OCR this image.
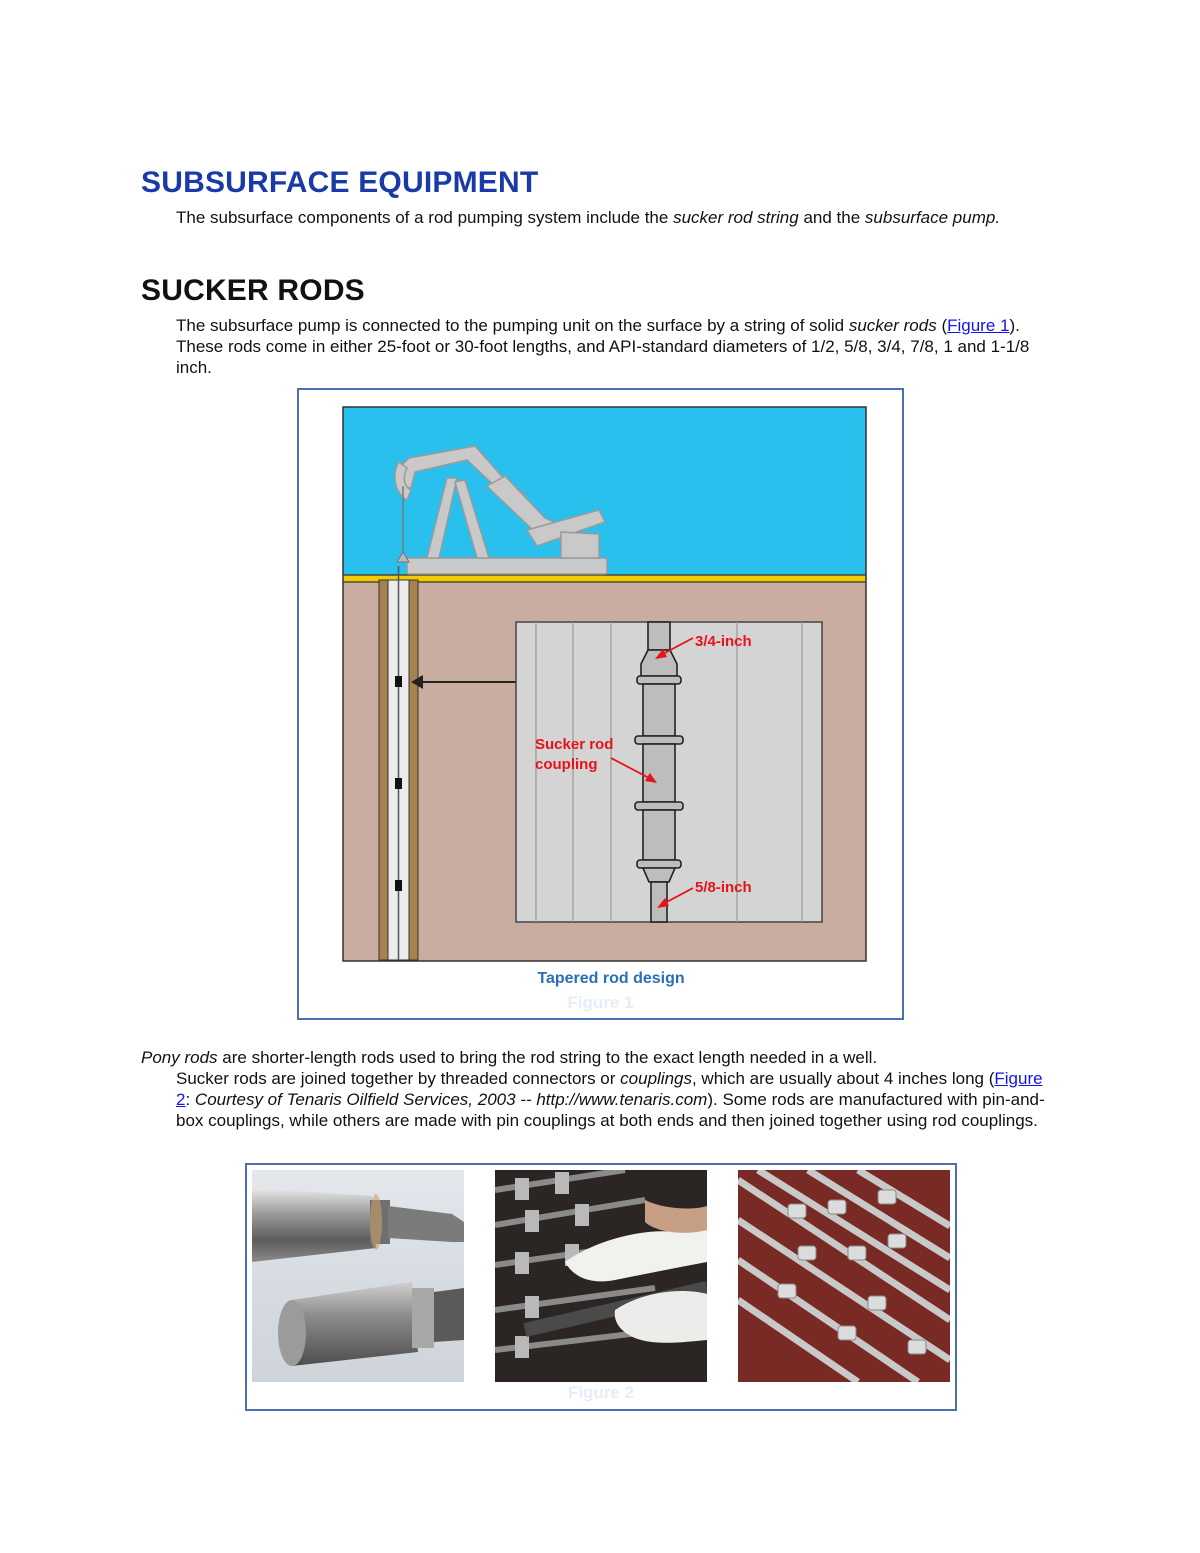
SUBSURFACE EQUIPMENT
The subsurface components of a rod pumping system include the sucker rod string and the subsurface pump.
SUCKER RODS
The subsurface pump is connected to the pumping unit on the surface by a string of solid sucker rods (Figure 1). These rods come in either 25-foot or 30-foot lengths, and API-standard diameters of 1/2, 5/8, 3/4, 7/8, 1 and 1-1/8 inch.
3/4-inch
Sucker rod
coupling
5/8-inch
Tapered rod design
Figure 1
Pony rods are shorter-length rods used to bring the rod string to the exact length needed in a well.
Sucker rods are joined together by threaded connectors or couplings, which are usually about 4 inches long (Figure 2: Courtesy of Tenaris Oilfield Services, 2003 -- http://www.tenaris.com). Some rods are manufactured with pin-and-box couplings, while others are made with pin couplings at both ends and then joined together using rod couplings.
Figure 2
